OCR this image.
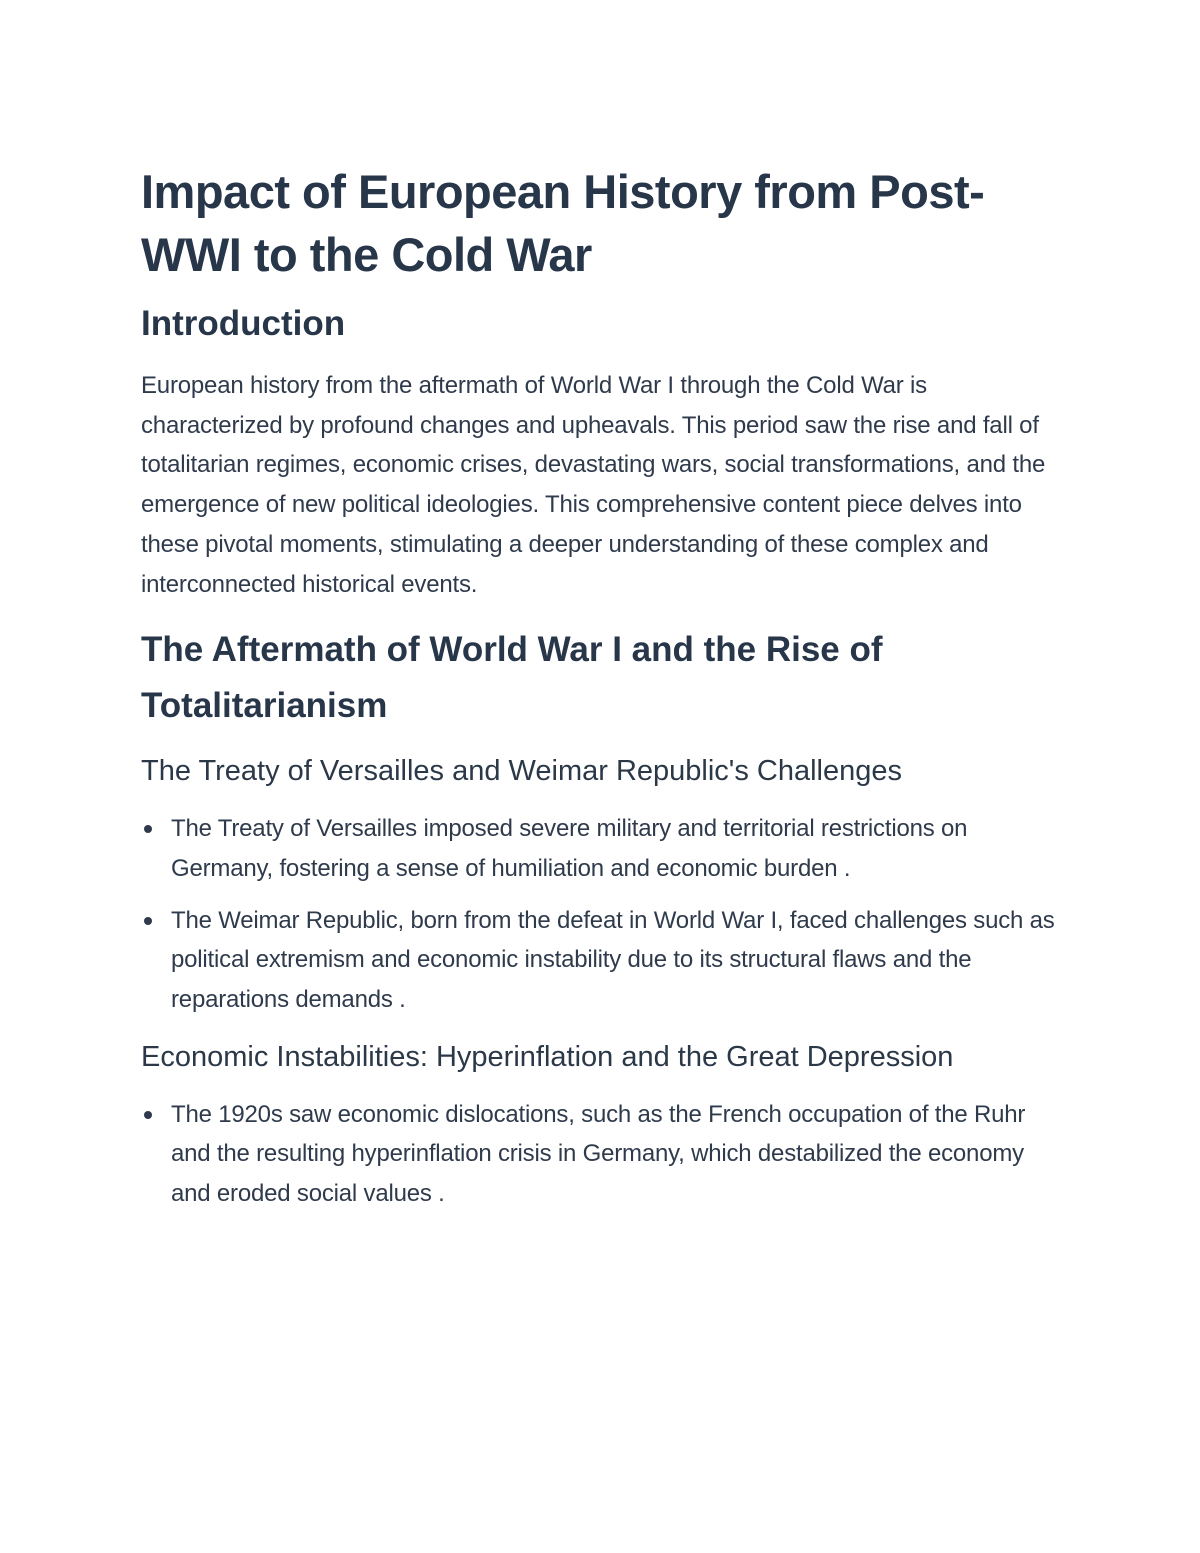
Impact of European History from Post-WWI to the Cold War
Introduction

European history from the aftermath of World War I through the Cold War is characterized by profound changes and upheavals. This period saw the rise and fall of totalitarian regimes, economic crises, devastating wars, social transformations, and the emergence of new political ideologies. This comprehensive content piece delves into these pivotal moments, stimulating a deeper understanding of these complex and interconnected historical events.

The Aftermath of World War I and the Rise of Totalitarianism
The Treaty of Versailles and Weimar Republic's Challenges
The Treaty of Versailles imposed severe military and territorial restrictions on Germany, fostering a sense of humiliation and economic burden .
The Weimar Republic, born from the defeat in World War I, faced challenges such as political extremism and economic instability due to its structural flaws and the reparations demands .
Economic Instabilities: Hyperinflation and the Great Depression
The 1920s saw economic dislocations, such as the French occupation of the Ruhr and the resulting hyperinflation crisis in Germany, which destabilized the economy and eroded social values .
